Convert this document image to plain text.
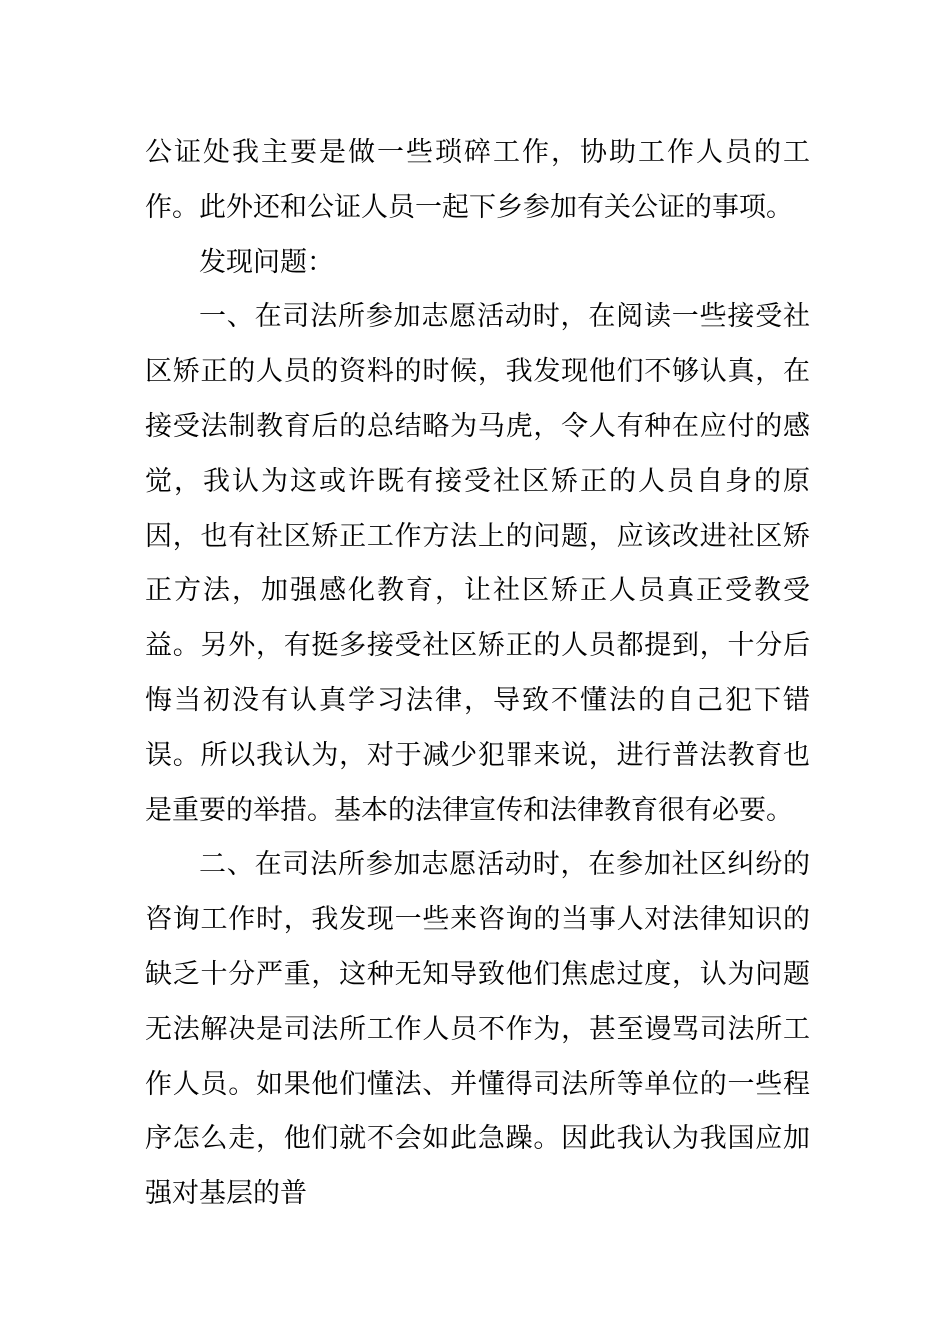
公证处我主要是做一些琐碎工作，协助工作人员的工作。此外还和公证人员一起下乡参加有关公证的事项。

发现问题：

一、在司法所参加志愿活动时，在阅读一些接受社区矫正的人员的资料的时候，我发现他们不够认真，在接受法制教育后的总结略为马虎，令人有种在应付的感觉，我认为这或许既有接受社区矫正的人员自身的原因，也有社区矫正工作方法上的问题，应该改进社区矫正方法，加强感化教育，让社区矫正人员真正受教受益。另外，有挺多接受社区矫正的人员都提到，十分后悔当初没有认真学习法律，导致不懂法的自己犯下错误。所以我认为，对于减少犯罪来说，进行普法教育也是重要的举措。基本的法律宣传和法律教育很有必要。

二、在司法所参加志愿活动时，在参加社区纠纷的咨询工作时，我发现一些来咨询的当事人对法律知识的缺乏十分严重，这种无知导致他们焦虑过度，认为问题无法解决是司法所工作人员不作为，甚至谩骂司法所工作人员。如果他们懂法、并懂得司法所等单位的一些程序怎么走，他们就不会如此急躁。因此我认为我国应加强对基层的普
